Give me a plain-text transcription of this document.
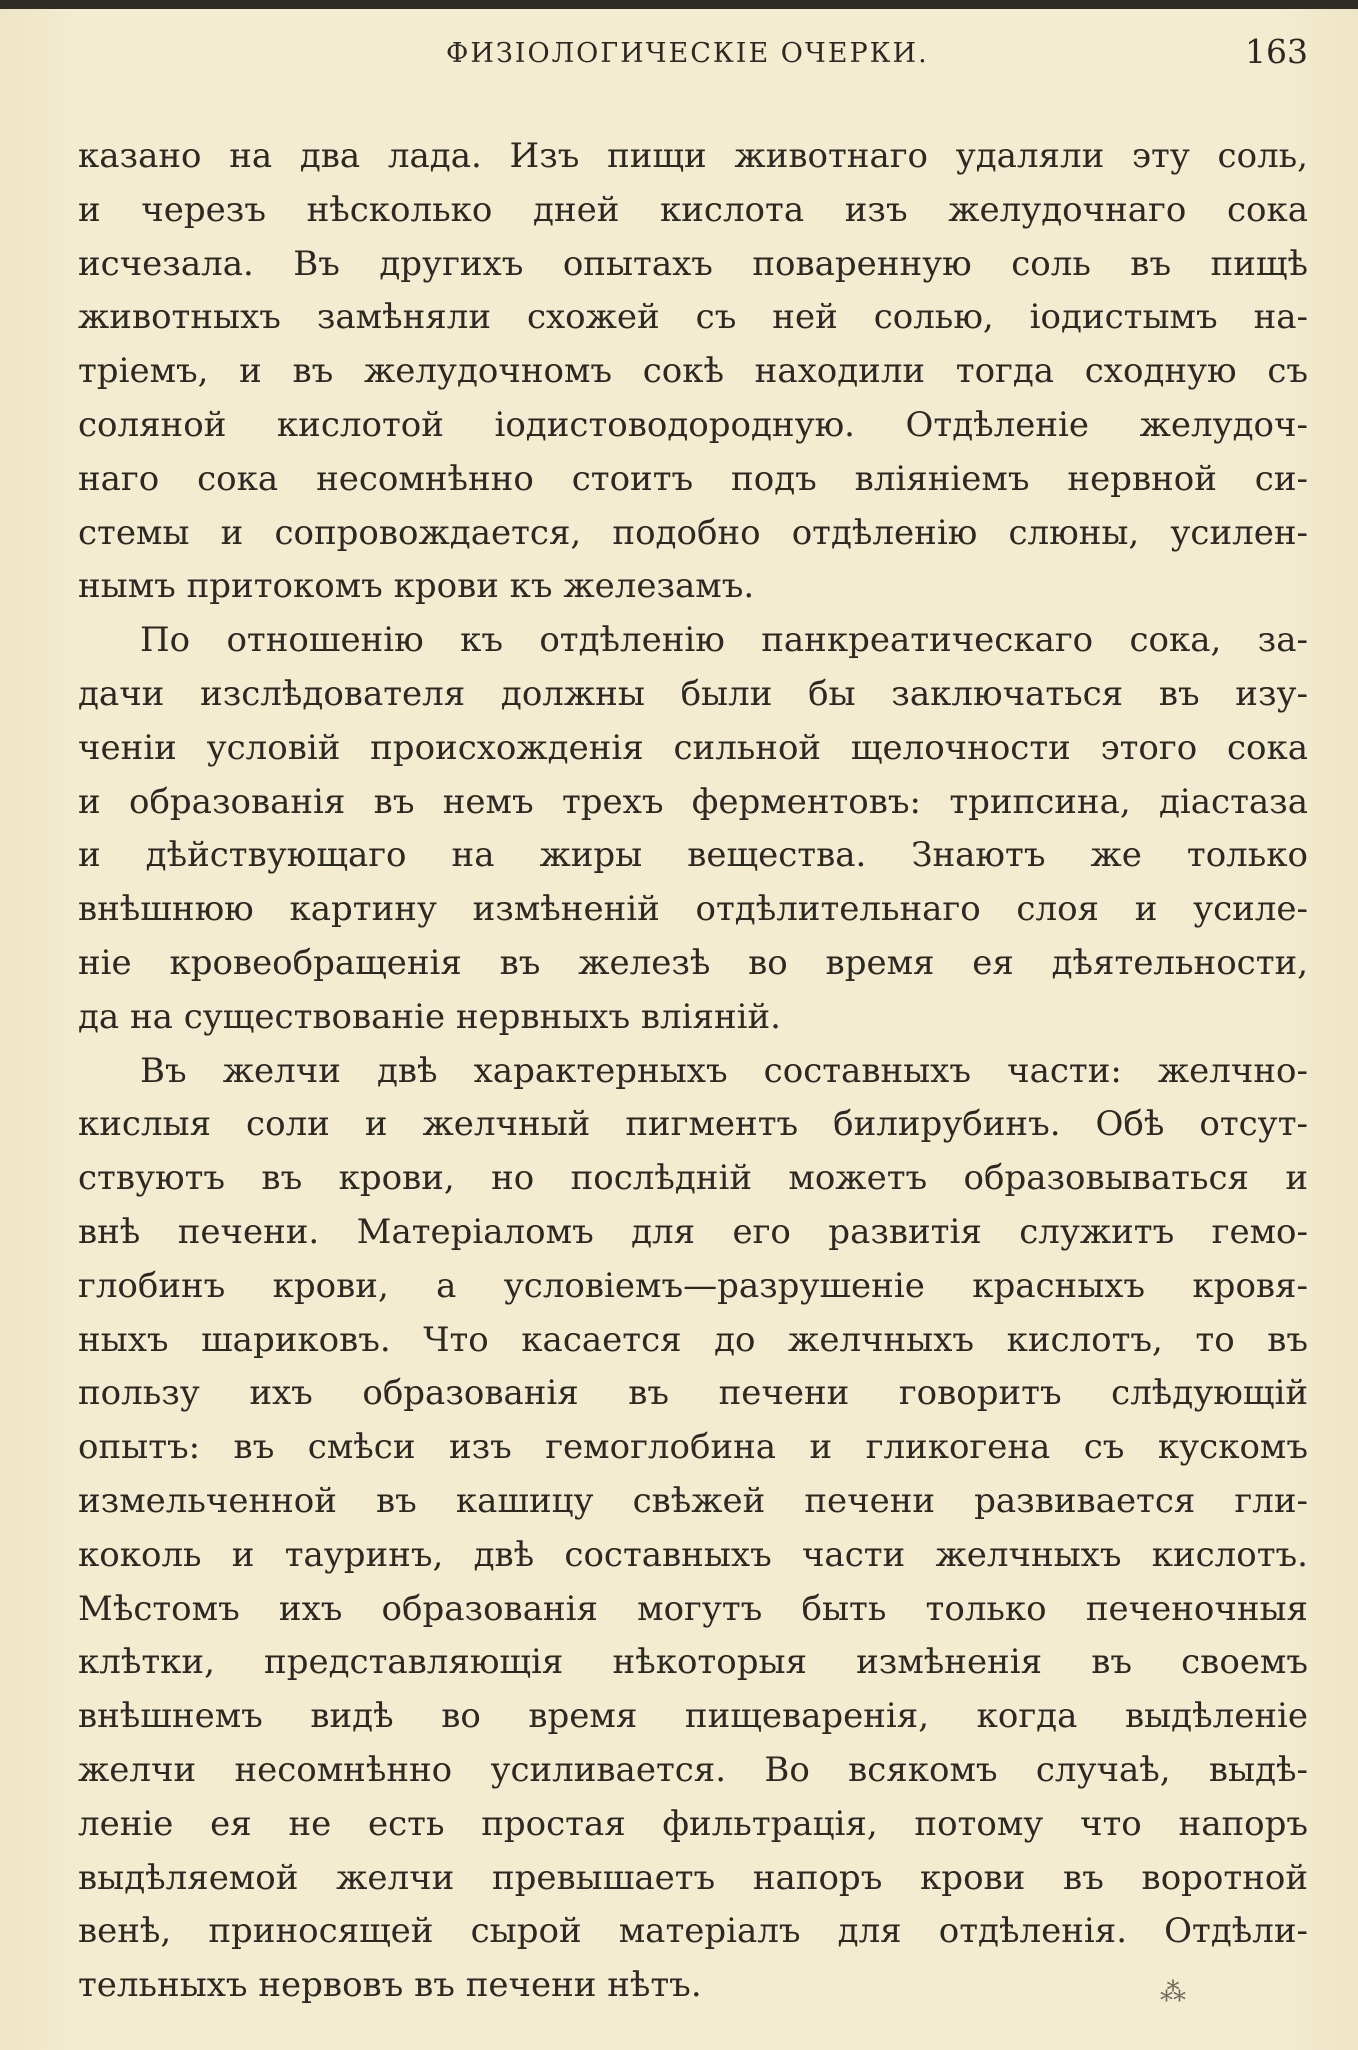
ФИЗІОЛОГИЧЕСКІЕ ОЧЕРКИ.	163
казано на два лада. Изъ пищи животнаго удаляли эту соль,
и черезъ нѣсколько дней кислота изъ желудочнаго сока
исчезала. Въ другихъ опытахъ поваренную соль въ пищѣ
животныхъ замѣняли схожей съ ней солью, іодистымъ на-
тріемъ, и въ желудочномъ сокѣ находили тогда сходную съ
соляной кислотой іодистоводородную. Отдѣленіе желудоч-
наго сока несомнѣнно стоитъ подъ вліяніемъ нервной си-
стемы и сопровождается, подобно отдѣленію слюны, усилен-
нымъ притокомъ крови къ железамъ.
По отношенію къ отдѣленію панкреатическаго сока, за-
дачи изслѣдователя должны были бы заключаться въ изу-
ченіи условій происхожденія сильной щелочности этого сока
и образованія въ немъ трехъ ферментовъ: трипсина, діастаза
и дѣйствующаго на жиры вещества. Знаютъ же только
внѣшнюю картину измѣненій отдѣлительнаго слоя и усиле-
ніе кровеобращенія въ железѣ во время ея дѣятельности,
да на существованіе нервныхъ вліяній.
Въ желчи двѣ характерныхъ составныхъ части: желчно-
кислыя соли и желчный пигментъ билирубинъ. Обѣ отсут-
ствуютъ въ крови, но послѣдній можетъ образовываться и
внѣ печени. Матеріаломъ для его развитія служитъ гемо-
глобинъ крови, а условіемъ—разрушеніе красныхъ кровя-
ныхъ шариковъ. Что касается до желчныхъ кислотъ, то въ
пользу ихъ образованія въ печени говоритъ слѣдующій
опытъ: въ смѣси изъ гемоглобина и гликогена съ кускомъ
измельченной въ кашицу свѣжей печени развивается гли-
коколь и тауринъ, двѣ составныхъ части желчныхъ кислотъ.
Мѣстомъ ихъ образованія могутъ быть только печеночныя
клѣтки, представляющія нѣкоторыя измѣненія въ своемъ
внѣшнемъ видѣ во время пищеваренія, когда выдѣленіе
желчи несомнѣнно усиливается. Во всякомъ случаѣ, выдѣ-
леніе ея не есть простая фильтрація, потому что напоръ
выдѣляемой желчи превышаетъ напоръ крови въ воротной
венѣ, приносящей сырой матеріалъ для отдѣленія. Отдѣли-
тельныхъ нервовъ въ печени нѣтъ.	⁂
